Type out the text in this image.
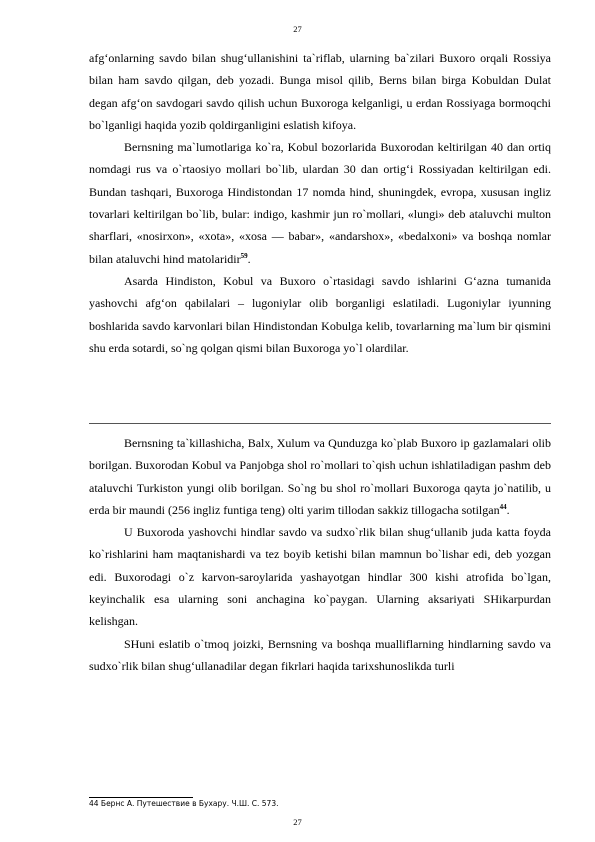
27

afg‘onlarning savdo bilan shug‘ullanishini ta`riflab, ularning ba`zilari Buxoro orqali Rossiya bilan ham savdo qilgan, deb yozadi. Bunga misol qilib, Berns bilan birga Kobuldan Dulat degan afg‘on savdogari savdo qilish uchun Buxoroga kelganligi, u erdan Rossiyaga bormoqchi bo`lganligi haqida yozib qoldirganligini eslatish kifoya.

Bernsning ma`lumotlariga ko`ra, Kobul bozorlarida Buxorodan keltirilgan 40 dan ortiq nomdagi rus va o`rtaosiyo mollari bo`lib, ulardan 30 dan ortig‘i Rossiyadan keltirilgan edi. Bundan tashqari, Buxoroga Hindistondan 17 nomda hind, shuningdek, evropa, xususan ingliz tovarlari keltirilgan bo`lib, bular: indigo, kashmir jun ro`mollari, «lungi» deb ataluvchi multon sharflari, «nosirxon», «xota», «xosa — babar», «andarshox», «bedalxoni» va boshqa nomlar bilan ataluvchi hind matolaridir$^{59}$.

Asarda Hindiston, Kobul va Buxoro o`rtasidagi savdo ishlarini G‘azna tumanida yashovchi afg‘on qabilalari – lugoniylar olib borganligi eslatiladi. Lugoniylar iyunning boshlarida savdo karvonlari bilan Hindistondan Kobulga kelib, tovarlarning ma`lum bir qismini shu erda sotardi, so`ng qolgan qismi bilan Buxoroga yo`l olardilar.

Bernsning ta`killashicha, Balx, Xulum va Qunduzga ko`plab Buxoro ip gazlamalari olib borilgan. Buxorodan Kobul va Panjobga shol ro`mollari to`qish uchun ishlatiladigan pashm deb ataluvchi Turkiston yungi olib borilgan. So`ng bu shol ro`mollari Buxoroga qayta jo`natilib, u erda bir maundi (256 ingliz funtiga teng) olti yarim tillodan sakkiz tillogacha sotilgan$^{44}$.

U Buxoroda yashovchi hindlar savdo va sudxo`rlik bilan shug‘ullanib juda katta foyda ko`rishlarini ham maqtanishardi va tez boyib ketishi bilan mamnun bo`lishar edi, deb yozgan edi. Buxorodagi o`z karvon-saroylarida yashayotgan hindlar 300 kishi atrofida bo`lgan, keyinchalik esa ularning soni anchagina ko`paygan. Ularning aksariyati SHikarpurdan kelishgan.

SHuni eslatib o`tmoq joizki, Bernsning va boshqa mualliflarning hindlarning savdo va sudxo`rlik bilan shug‘ullanadilar degan fikrlari haqida tarixshunoslikda turli

44 Бернс А. Путешествие в Бухару. Ч.Ш. С. 573.
27
